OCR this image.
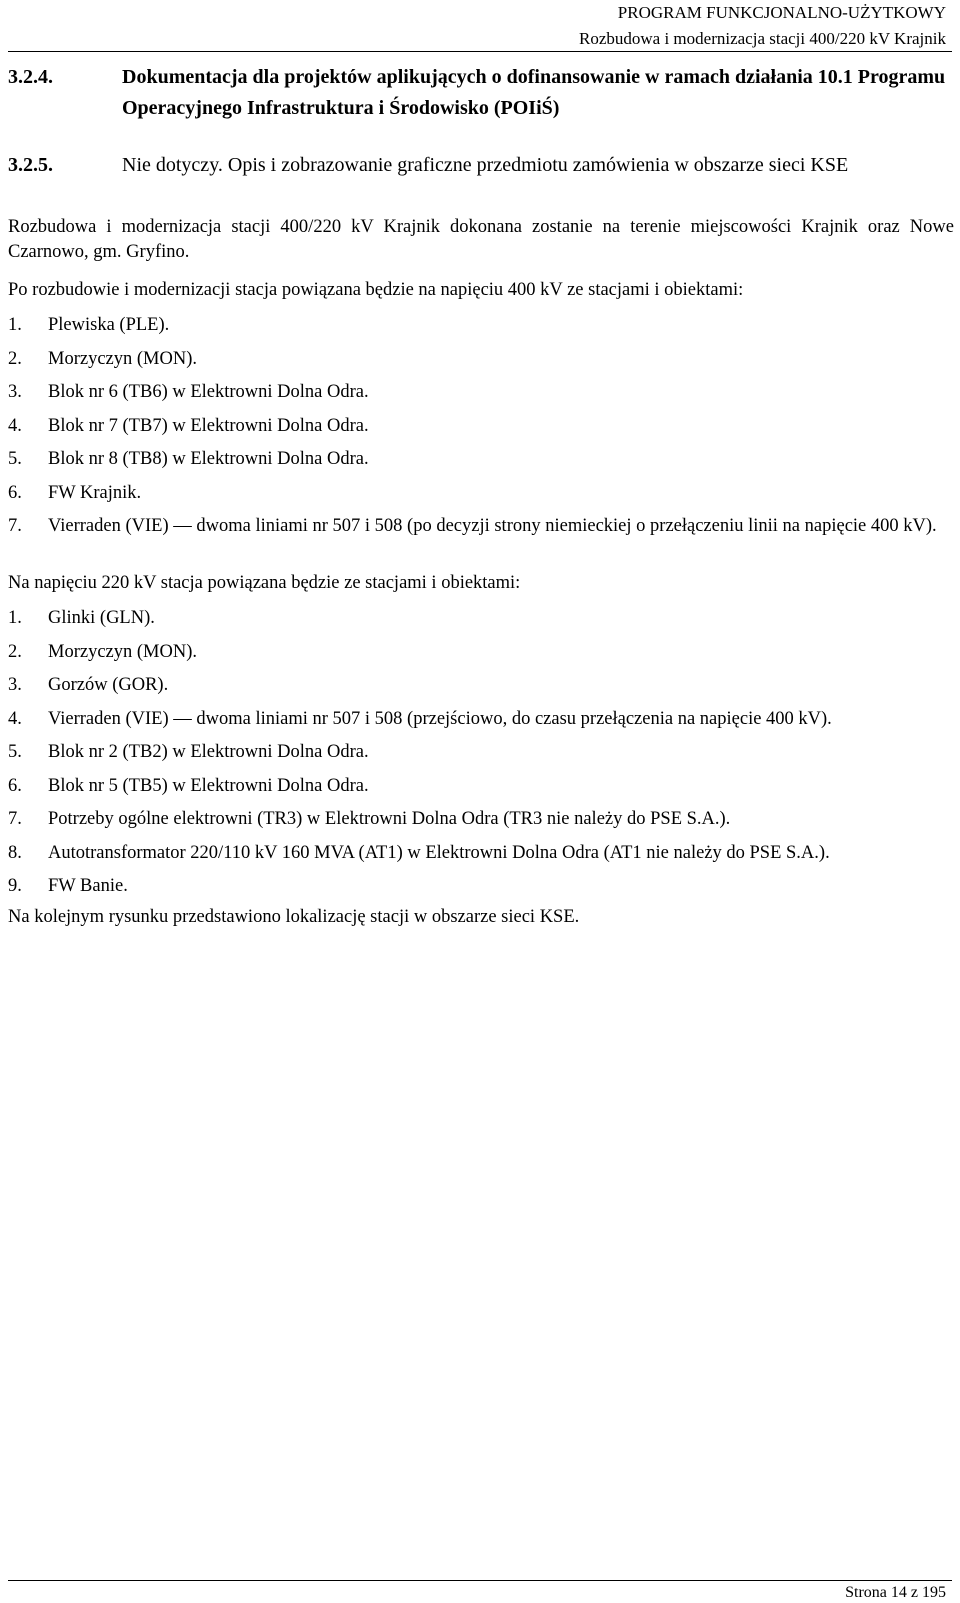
PROGRAM FUNKCJONALNO-UŻYTKOWY
Rozbudowa i modernizacja stacji 400/220 kV Krajnik
3.2.4.	Dokumentacja dla projektów aplikujących o dofinansowanie w ramach działania 10.1 Programu Operacyjnego Infrastruktura i Środowisko (POIiŚ)
3.2.5.	Nie dotyczy. Opis i zobrazowanie graficzne przedmiotu zamówienia w obszarze sieci KSE

Rozbudowa i modernizacja stacji 400/220 kV Krajnik dokonana zostanie na terenie miejscowości Krajnik oraz Nowe Czarnowo, gm. Gryfino.

Po rozbudowie i modernizacji stacja powiązana będzie na napięciu 400 kV ze stacjami i obiektami:

1.	Plewiska (PLE).
2.	Morzyczyn (MON).
3.	Blok nr 6 (TB6) w Elektrowni Dolna Odra.
4.	Blok nr 7 (TB7) w Elektrowni Dolna Odra.
5.	Blok nr 8 (TB8) w Elektrowni Dolna Odra.
6.	FW Krajnik.
7.	Vierraden (VIE) ― dwoma liniami nr 507 i 508 (po decyzji strony niemieckiej o przełączeniu linii na napięcie 400 kV).

Na napięciu 220 kV stacja powiązana będzie ze stacjami i obiektami:

1.	Glinki (GLN).
2.	Morzyczyn (MON).
3.	Gorzów (GOR).
4.	Vierraden (VIE) ― dwoma liniami nr 507 i 508 (przejściowo, do czasu przełączenia na napięcie 400 kV).
5.	Blok nr 2 (TB2) w Elektrowni Dolna Odra.
6.	Blok nr 5 (TB5) w Elektrowni Dolna Odra.
7.	Potrzeby ogólne elektrowni (TR3) w Elektrowni Dolna Odra (TR3 nie należy do PSE S.A.).
8.	Autotransformator 220/110 kV 160 MVA (AT1) w Elektrowni Dolna Odra (AT1 nie należy do PSE S.A.).
9.	FW Banie.

Na kolejnym rysunku przedstawiono lokalizację stacji w obszarze sieci KSE.

Strona 14 z 195
